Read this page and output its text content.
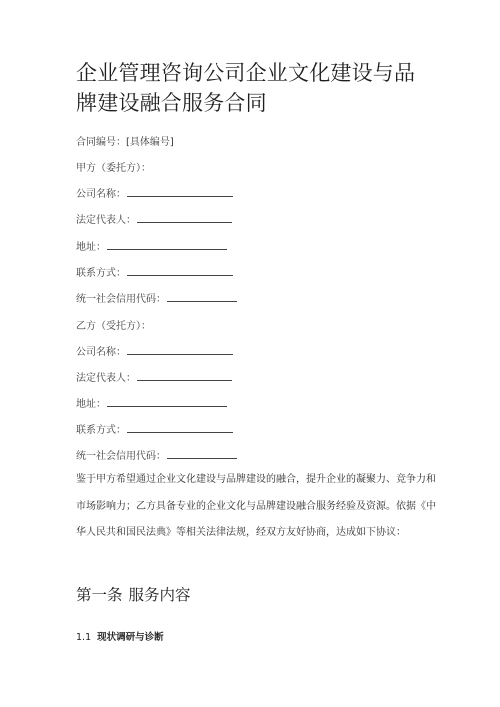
企业管理咨询公司企业文化建设与品牌建设融合服务合同
合同编号：[具体编号]
甲方（委托方）：
公司名称：
法定代表人：
地址：
联系方式：
统一社会信用代码：
乙方（受托方）：
公司名称：
法定代表人：
地址：
联系方式：
统一社会信用代码：
鉴于甲方希望通过企业文化建设与品牌建设的融合，提升企业的凝聚力、竞争力和市场影响力；乙方具备专业的企业文化与品牌建设融合服务经验及资源。依据《中华人民共和国民法典》等相关法律法规，经双方友好协商，达成如下协议：
第一条 服务内容
1.1 现状调研与诊断
